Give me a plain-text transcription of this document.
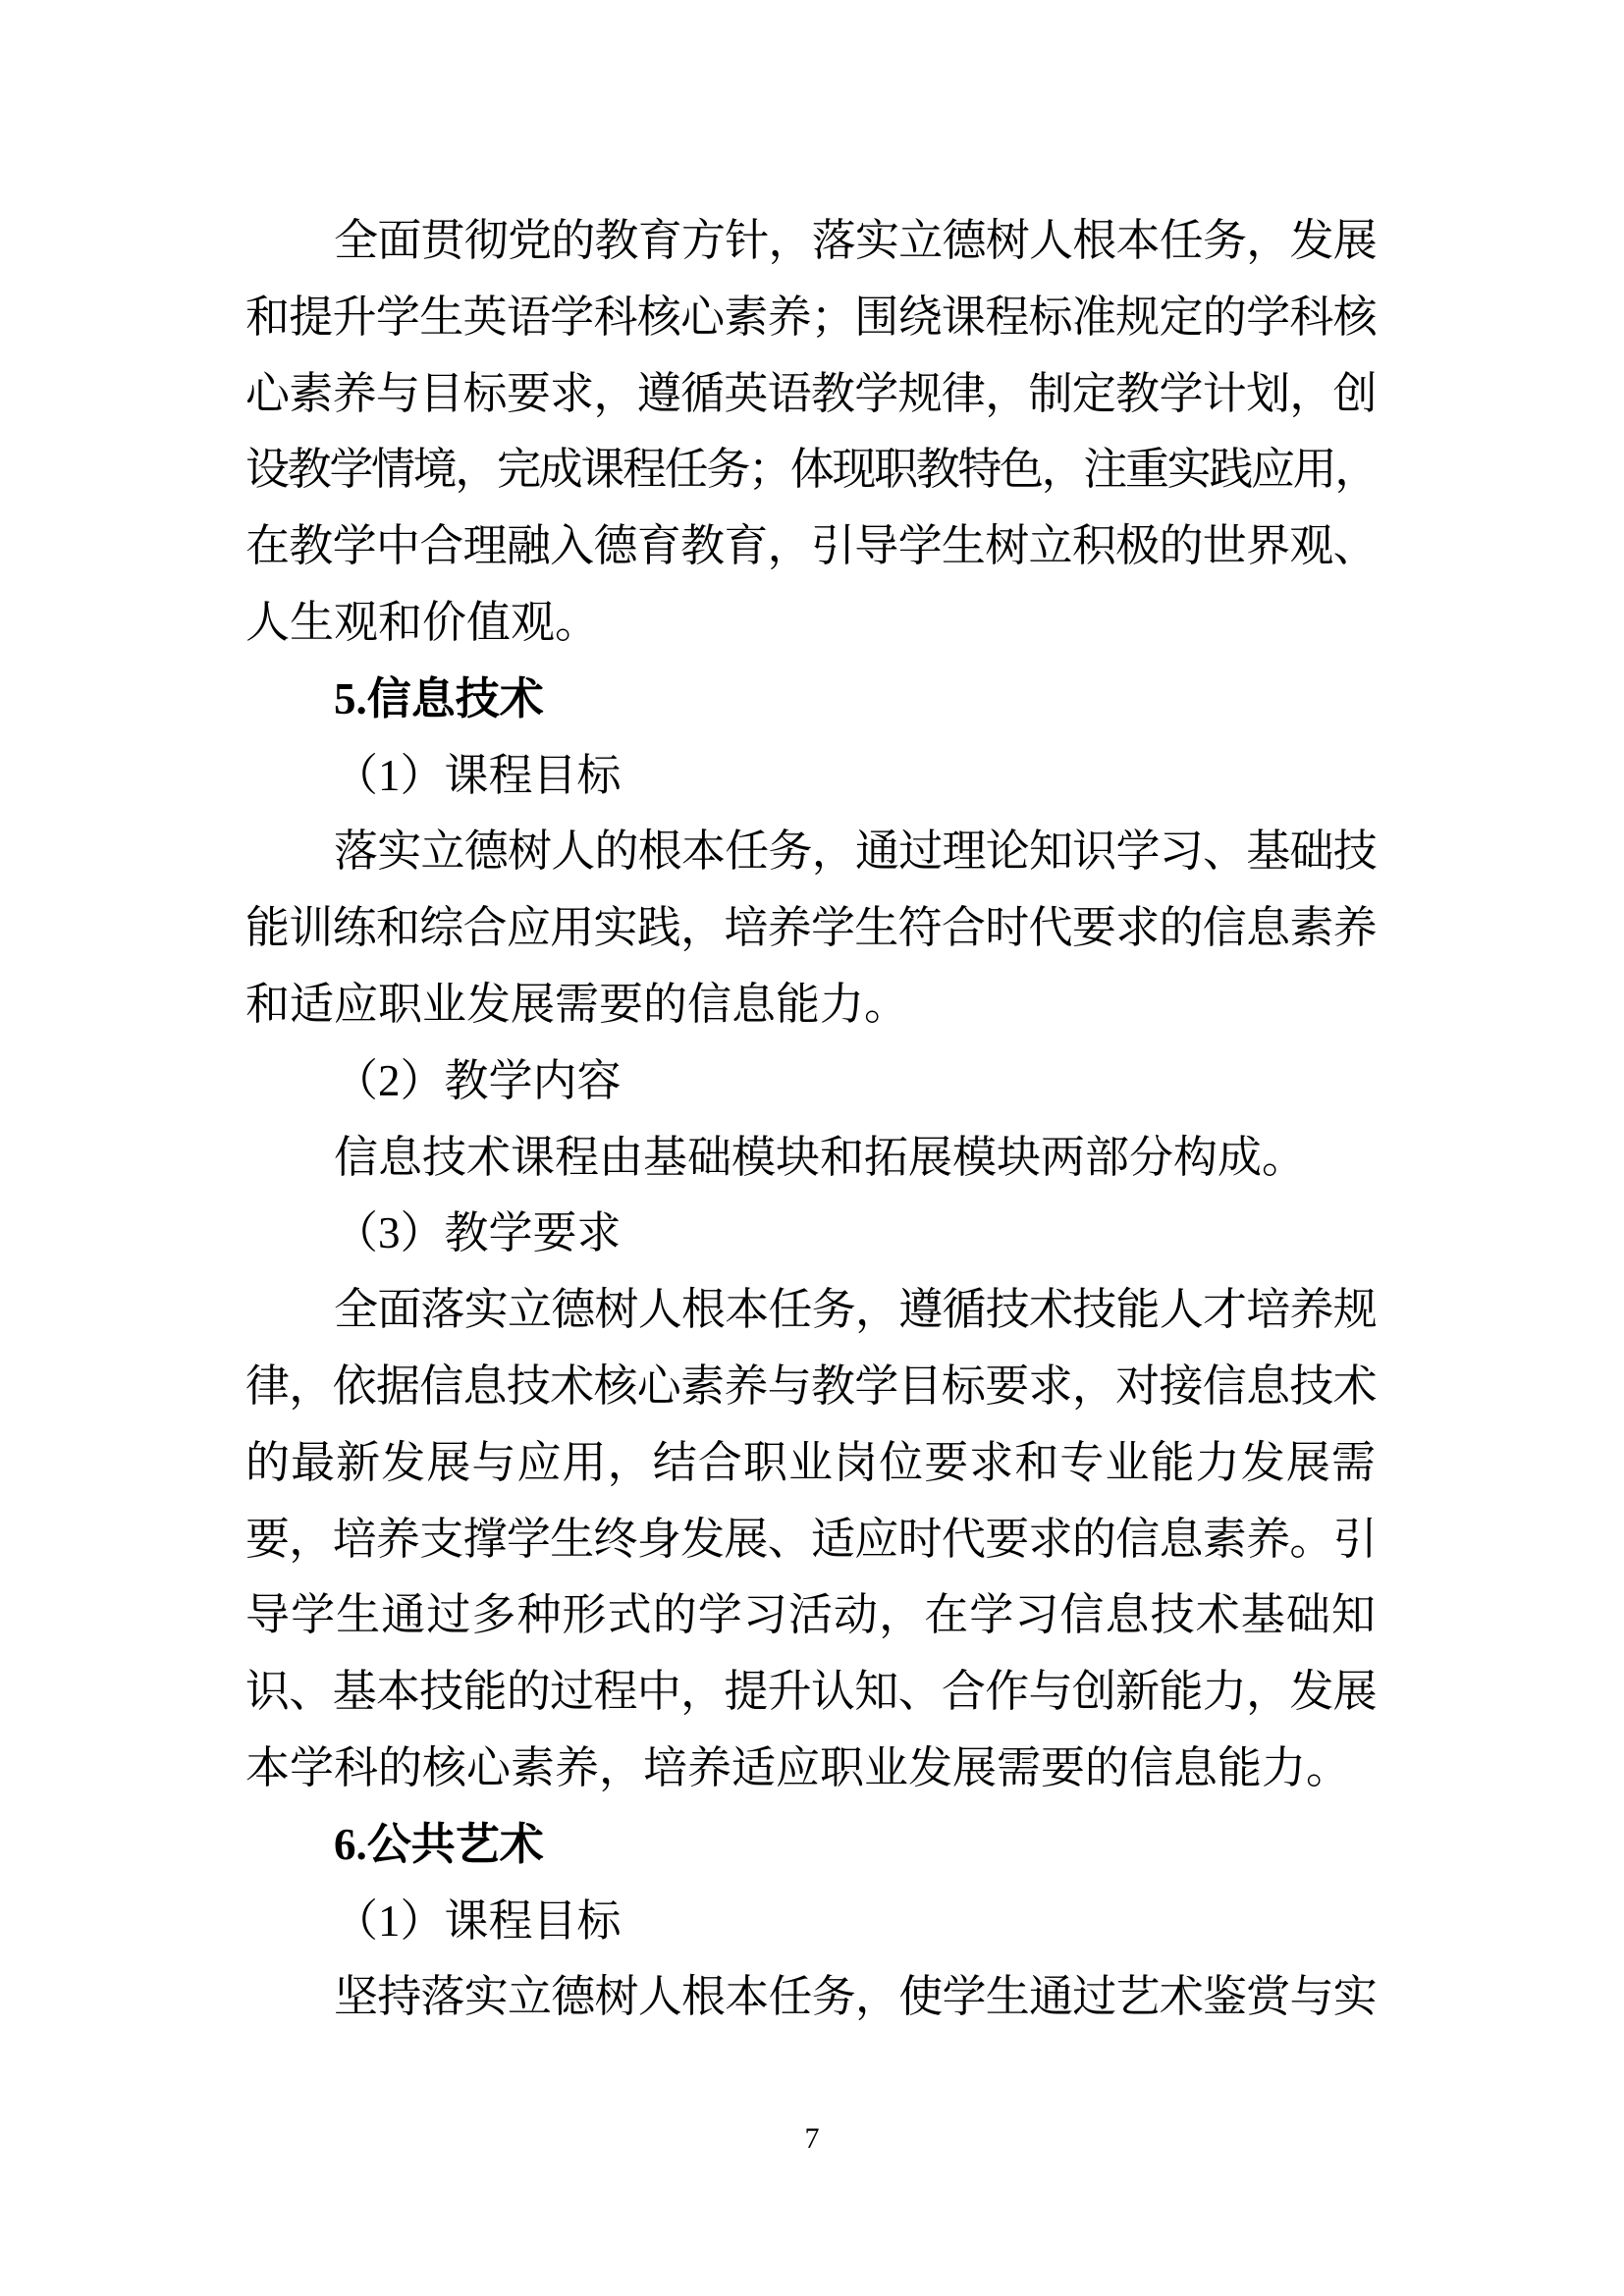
全面贯彻党的教育方针，落实立德树人根本任务，发展
和提升学生英语学科核心素养；围绕课程标准规定的学科核
心素养与目标要求，遵循英语教学规律，制定教学计划，创
设教学情境，完成课程任务；体现职教特色，注重实践应用，
在教学中合理融入德育教育，引导学生树立积极的世界观、
人生观和价值观。
5.信息技术
（1）课程目标
落实立德树人的根本任务，通过理论知识学习、基础技
能训练和综合应用实践，培养学生符合时代要求的信息素养
和适应职业发展需要的信息能力。
（2）教学内容
信息技术课程由基础模块和拓展模块两部分构成。
（3）教学要求
全面落实立德树人根本任务，遵循技术技能人才培养规
律，依据信息技术核心素养与教学目标要求，对接信息技术
的最新发展与应用，结合职业岗位要求和专业能力发展需
要，培养支撑学生终身发展、适应时代要求的信息素养。引
导学生通过多种形式的学习活动，在学习信息技术基础知
识、基本技能的过程中，提升认知、合作与创新能力，发展
本学科的核心素养，培养适应职业发展需要的信息能力。
6.公共艺术
（1）课程目标
坚持落实立德树人根本任务，使学生通过艺术鉴赏与实
7
